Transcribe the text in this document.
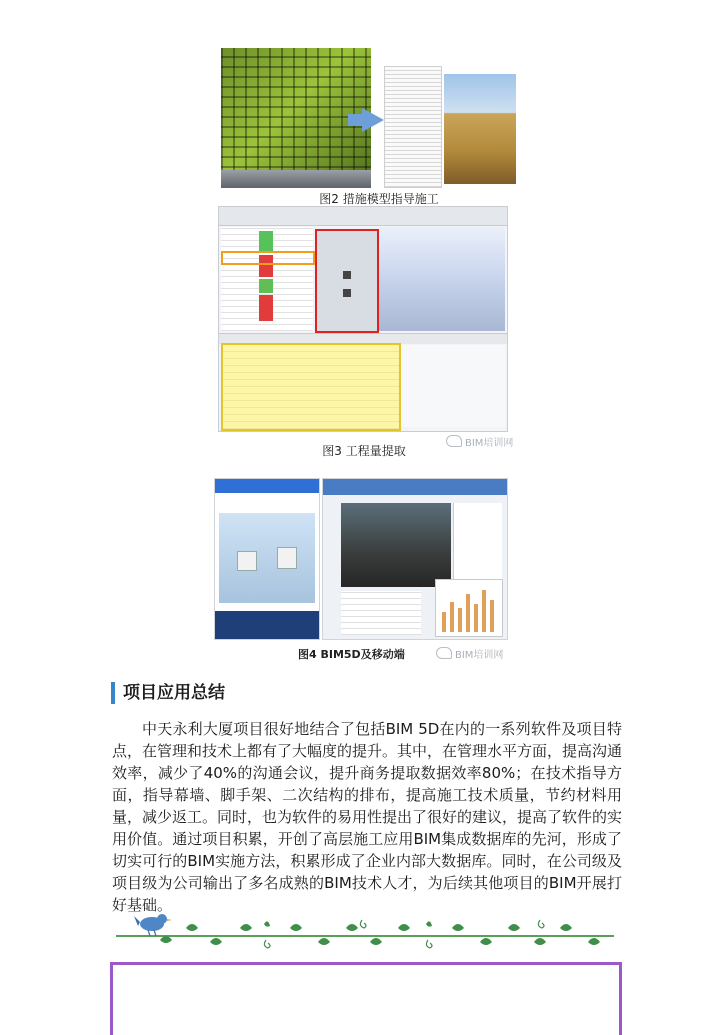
图2 措施模型指导施工
图3 工程量提取
BIM培训网
图4 BIM5D及移动端	BIM培训网
项目应用总结

中天永利大厦项目很好地结合了包括BIM 5D在内的一系列软件及项目特点，在管理和技术上都有了大幅度的提升。其中，在管理水平方面，提高沟通效率，减少了40%的沟通会议，提升商务提取数据效率80%；在技术指导方面，指导幕墙、脚手架、二次结构的排布，提高施工技术质量，节约材料用量，减少返工。同时，也为软件的易用性提出了很好的建议，提高了软件的实用价值。通过项目积累，开创了高层施工应用BIM集成数据库的先河，形成了切实可行的BIM实施方法，积累形成了企业内部大数据库。同时，在公司级及项目级为公司输出了多名成熟的BIM技术人才，为后续其他项目的BIM开展打好基础。
